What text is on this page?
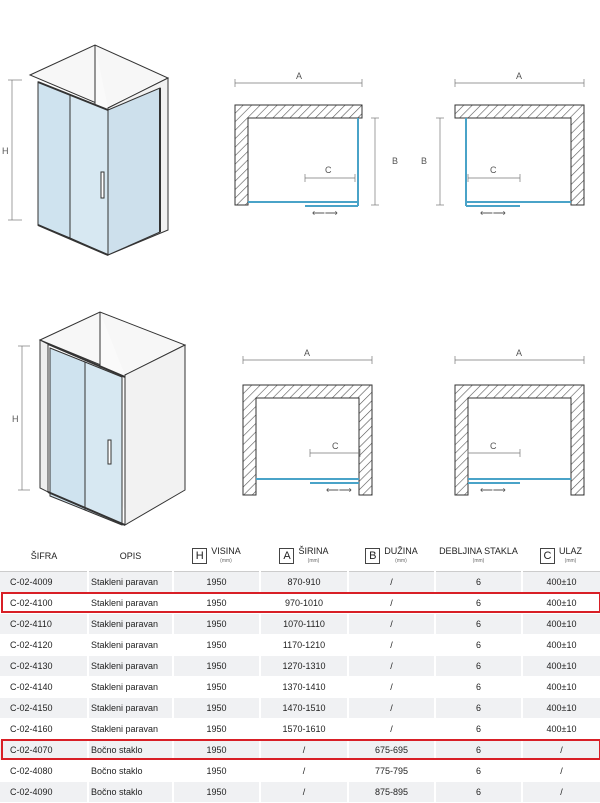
H
A
C
B
⟵⟶
A
C
B
⟵⟶
H
A
C
⟵⟶
A
C
⟵⟶
ŠIFRA	OPIS	H VISINA
(mm)	A ŠIRINA
(mm)	B DUŽINA
(mm)	DEBLJINA STAKLA
(mm)	C ULAZ
(mm)

C-02-4009	Stakleni paravan	1950	870-910	/	6	400±10
C-02-4100	Stakleni paravan	1950	970-1010	/	6	400±10
C-02-4110	Stakleni paravan	1950	1070-1110	/	6	400±10
C-02-4120	Stakleni paravan	1950	1170-1210	/	6	400±10
C-02-4130	Stakleni paravan	1950	1270-1310	/	6	400±10
C-02-4140	Stakleni paravan	1950	1370-1410	/	6	400±10
C-02-4150	Stakleni paravan	1950	1470-1510	/	6	400±10
C-02-4160	Stakleni paravan	1950	1570-1610	/	6	400±10
C-02-4070	Bočno staklo	1950	/	675-695	6	/
C-02-4080	Bočno staklo	1950	/	775-795	6	/
C-02-4090	Bočno staklo	1950	/	875-895	6	/
